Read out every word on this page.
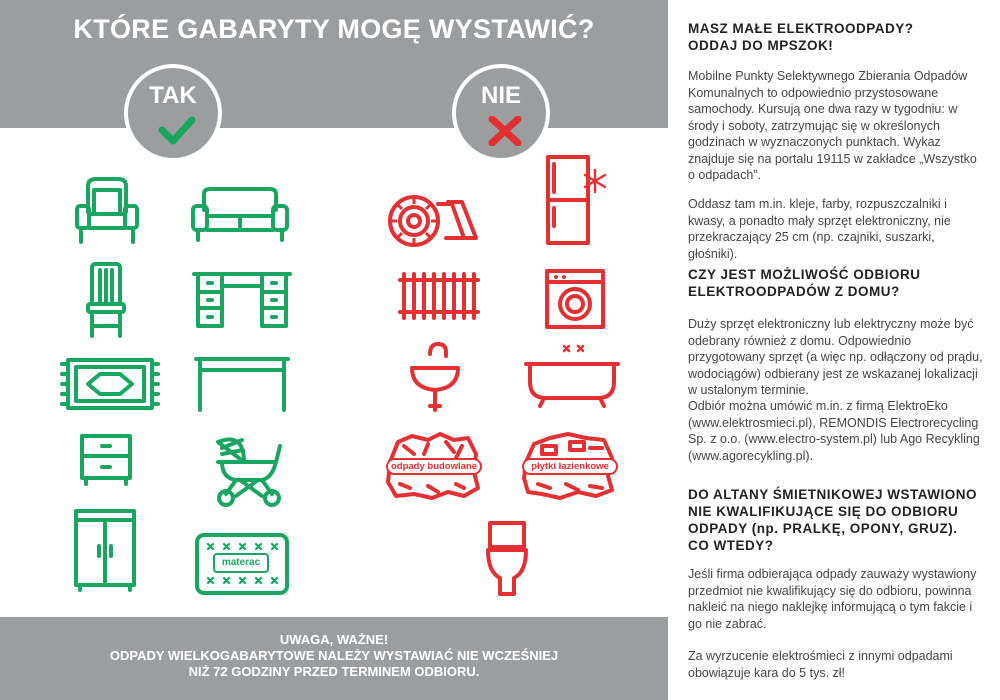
KTÓRE GABARYTY MOGĘ WYSTAWIĆ?
TAK	NIE
materac
odpady budowlane	płytki łazienkowe
UWAGA, WAŻNE!
ODPADY WIELKOGABARYTOWE NALEŻY WYSTAWIAĆ NIE WCZEŚNIEJ
NIŻ 72 GODZINY PRZED TERMINEM ODBIORU.
MASZ MAŁE ELEKTROODPADY?
ODDAJ DO MPSZOK!
Mobilne Punkty Selektywnego Zbierania Odpadów Komunalnych to odpowiednio przystosowane samochody. Kursują one dwa razy w tygodniu: w środy i soboty, zatrzymując się w określonych godzinach w wyznaczonych punktach. Wykaz znajduje się na portalu 19115 w zakładce „Wszystko o odpadach”.
Oddasz tam m.in. kleje, farby, rozpuszczalniki i kwasy, a ponadto mały sprzęt elektroniczny, nie przekraczający 25 cm (np. czajniki, suszarki, głośniki).
CZY JEST MOŻLIWOŚĆ ODBIORU
ELEKTROODPADÓW Z DOMU?
Duży sprzęt elektroniczny lub elektryczny może być odebrany również z domu. Odpowiednio przygotowany sprzęt (a więc np. odłączony od prądu, wodociągów) odbierany jest ze wskazanej lokalizacji w ustalonym terminie.
Odbiór można umówić m.in. z firmą ElektroEko (www.elektrosmieci.pl), REMONDIS Electrorecycling Sp. z o.o. (www.electro-system.pl) lub Ago Recykling (www.agorecykling.pl).
DO ALTANY ŚMIETNIKOWEJ WSTAWIONO
NIE KWALIFIKUJĄCE SIĘ DO ODBIORU
ODPADY (np. PRALKĘ, OPONY, GRUZ).
CO WTEDY?
Jeśli firma odbierająca odpady zauważy wystawiony przedmiot nie kwalifikujący się do odbioru, powinna nakleić na niego naklejkę informującą o tym fakcie i go nie zabrać.
Za wyrzucenie elektrośmieci z innymi odpadami obowiązuje kara do 5 tys. zł!
